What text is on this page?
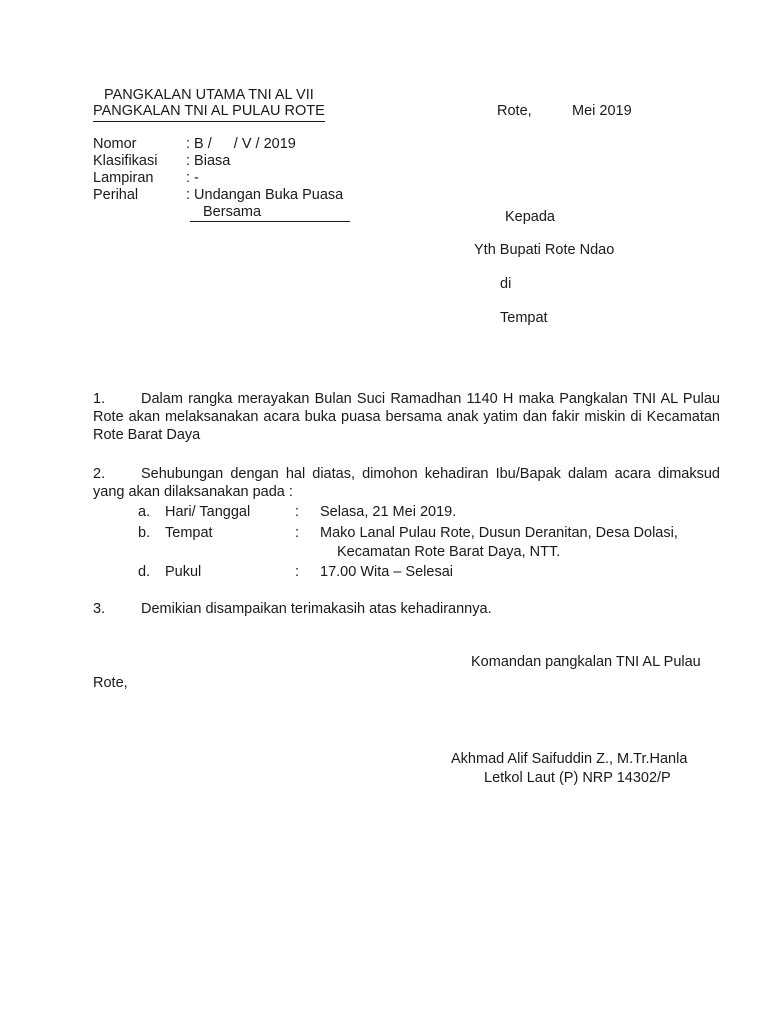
PANGKALAN UTAMA TNI AL VII
PANGKALAN TNI AL PULAU ROTE	Rote,	Mei 2019
Nomor	: B / / V / 2019
Klasifikasi : Biasa
Lampiran : -
Perihal	: Undangan Buka Puasa
Bersama	Kepada
Yth Bupati Rote Ndao
di
Tempat
1. Dalam rangka merayakan Bulan Suci Ramadhan 1140 H maka Pangkalan TNI AL Pulau Rote akan melaksanakan acara buka puasa bersama anak yatim dan fakir miskin di Kecamatan Rote Barat Daya
2. Sehubungan dengan hal diatas, dimohon kehadiran Ibu/Bapak dalam acara dimaksud yang akan dilaksanakan pada :
a. Hari/ Tanggal	: Selasa, 21 Mei 2019.
b. Tempat	: Mako Lanal Pulau Rote, Dusun Deranitan, Desa Dolasi,
Kecamatan Rote Barat Daya, NTT.
d. Pukul	: 17.00 Wita – Selesai
3. Demikian disampaikan terimakasih atas kehadirannya.
Komandan pangkalan TNI AL Pulau
Rote,
Akhmad Alif Saifuddin Z., M.Tr.Hanla
Letkol Laut (P) NRP 14302/P
